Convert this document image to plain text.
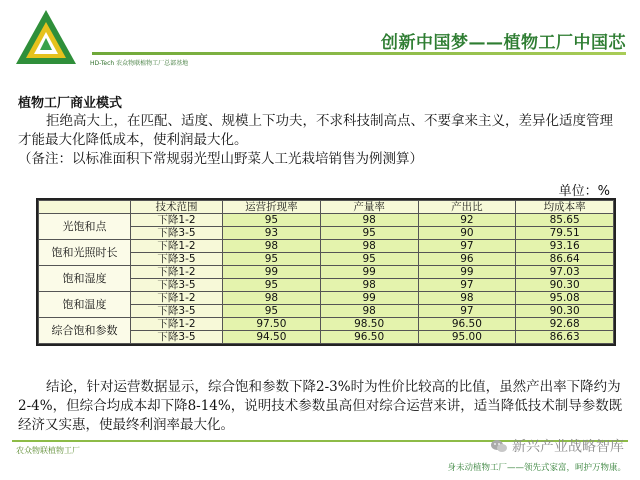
HD-Tech 农众物联植物工厂总部基地
创新中国梦——植物工厂中国芯
植物工厂商业模式

拒绝高大上，在匹配、适度、规模上下功夫，不求科技制高点、不要拿来主义，差异化适度管理才能最大化降低成本，使利润最大化。

（备注：以标准面积下常规弱光型山野菜人工光栽培销售为例测算）

单位：%
	技术范围	运营折现率	产量率	产出比	均成本率
光饱和点	下降1-2	95	98	92	85.65
	下降3-5	93	95	90	79.51
饱和光照时长	下降1-2	98	98	97	93.16
	下降3-5	95	95	96	86.64
饱和湿度	下降1-2	99	99	99	97.03
	下降3-5	95	98	97	90.30
饱和温度	下降1-2	98	99	98	95.08
	下降3-5	95	98	97	90.30
综合饱和参数	下降1-2	97.50	98.50	96.50	92.68
	下降3-5	94.50	96.50	95.00	86.63

结论，针对运营数据显示，综合饱和参数下降2-3%时为性价比较高的比值，虽然产出率下降约为2-4%，但综合均成本却下降8-14%，说明技术参数虽高但对综合运营来讲，适当降低技术制导参数既经济又实惠，使最终利润率最大化。

农众物联植物工厂	新兴产业战略智库
身未动植物工厂——领先式家富，呵护万物康。
